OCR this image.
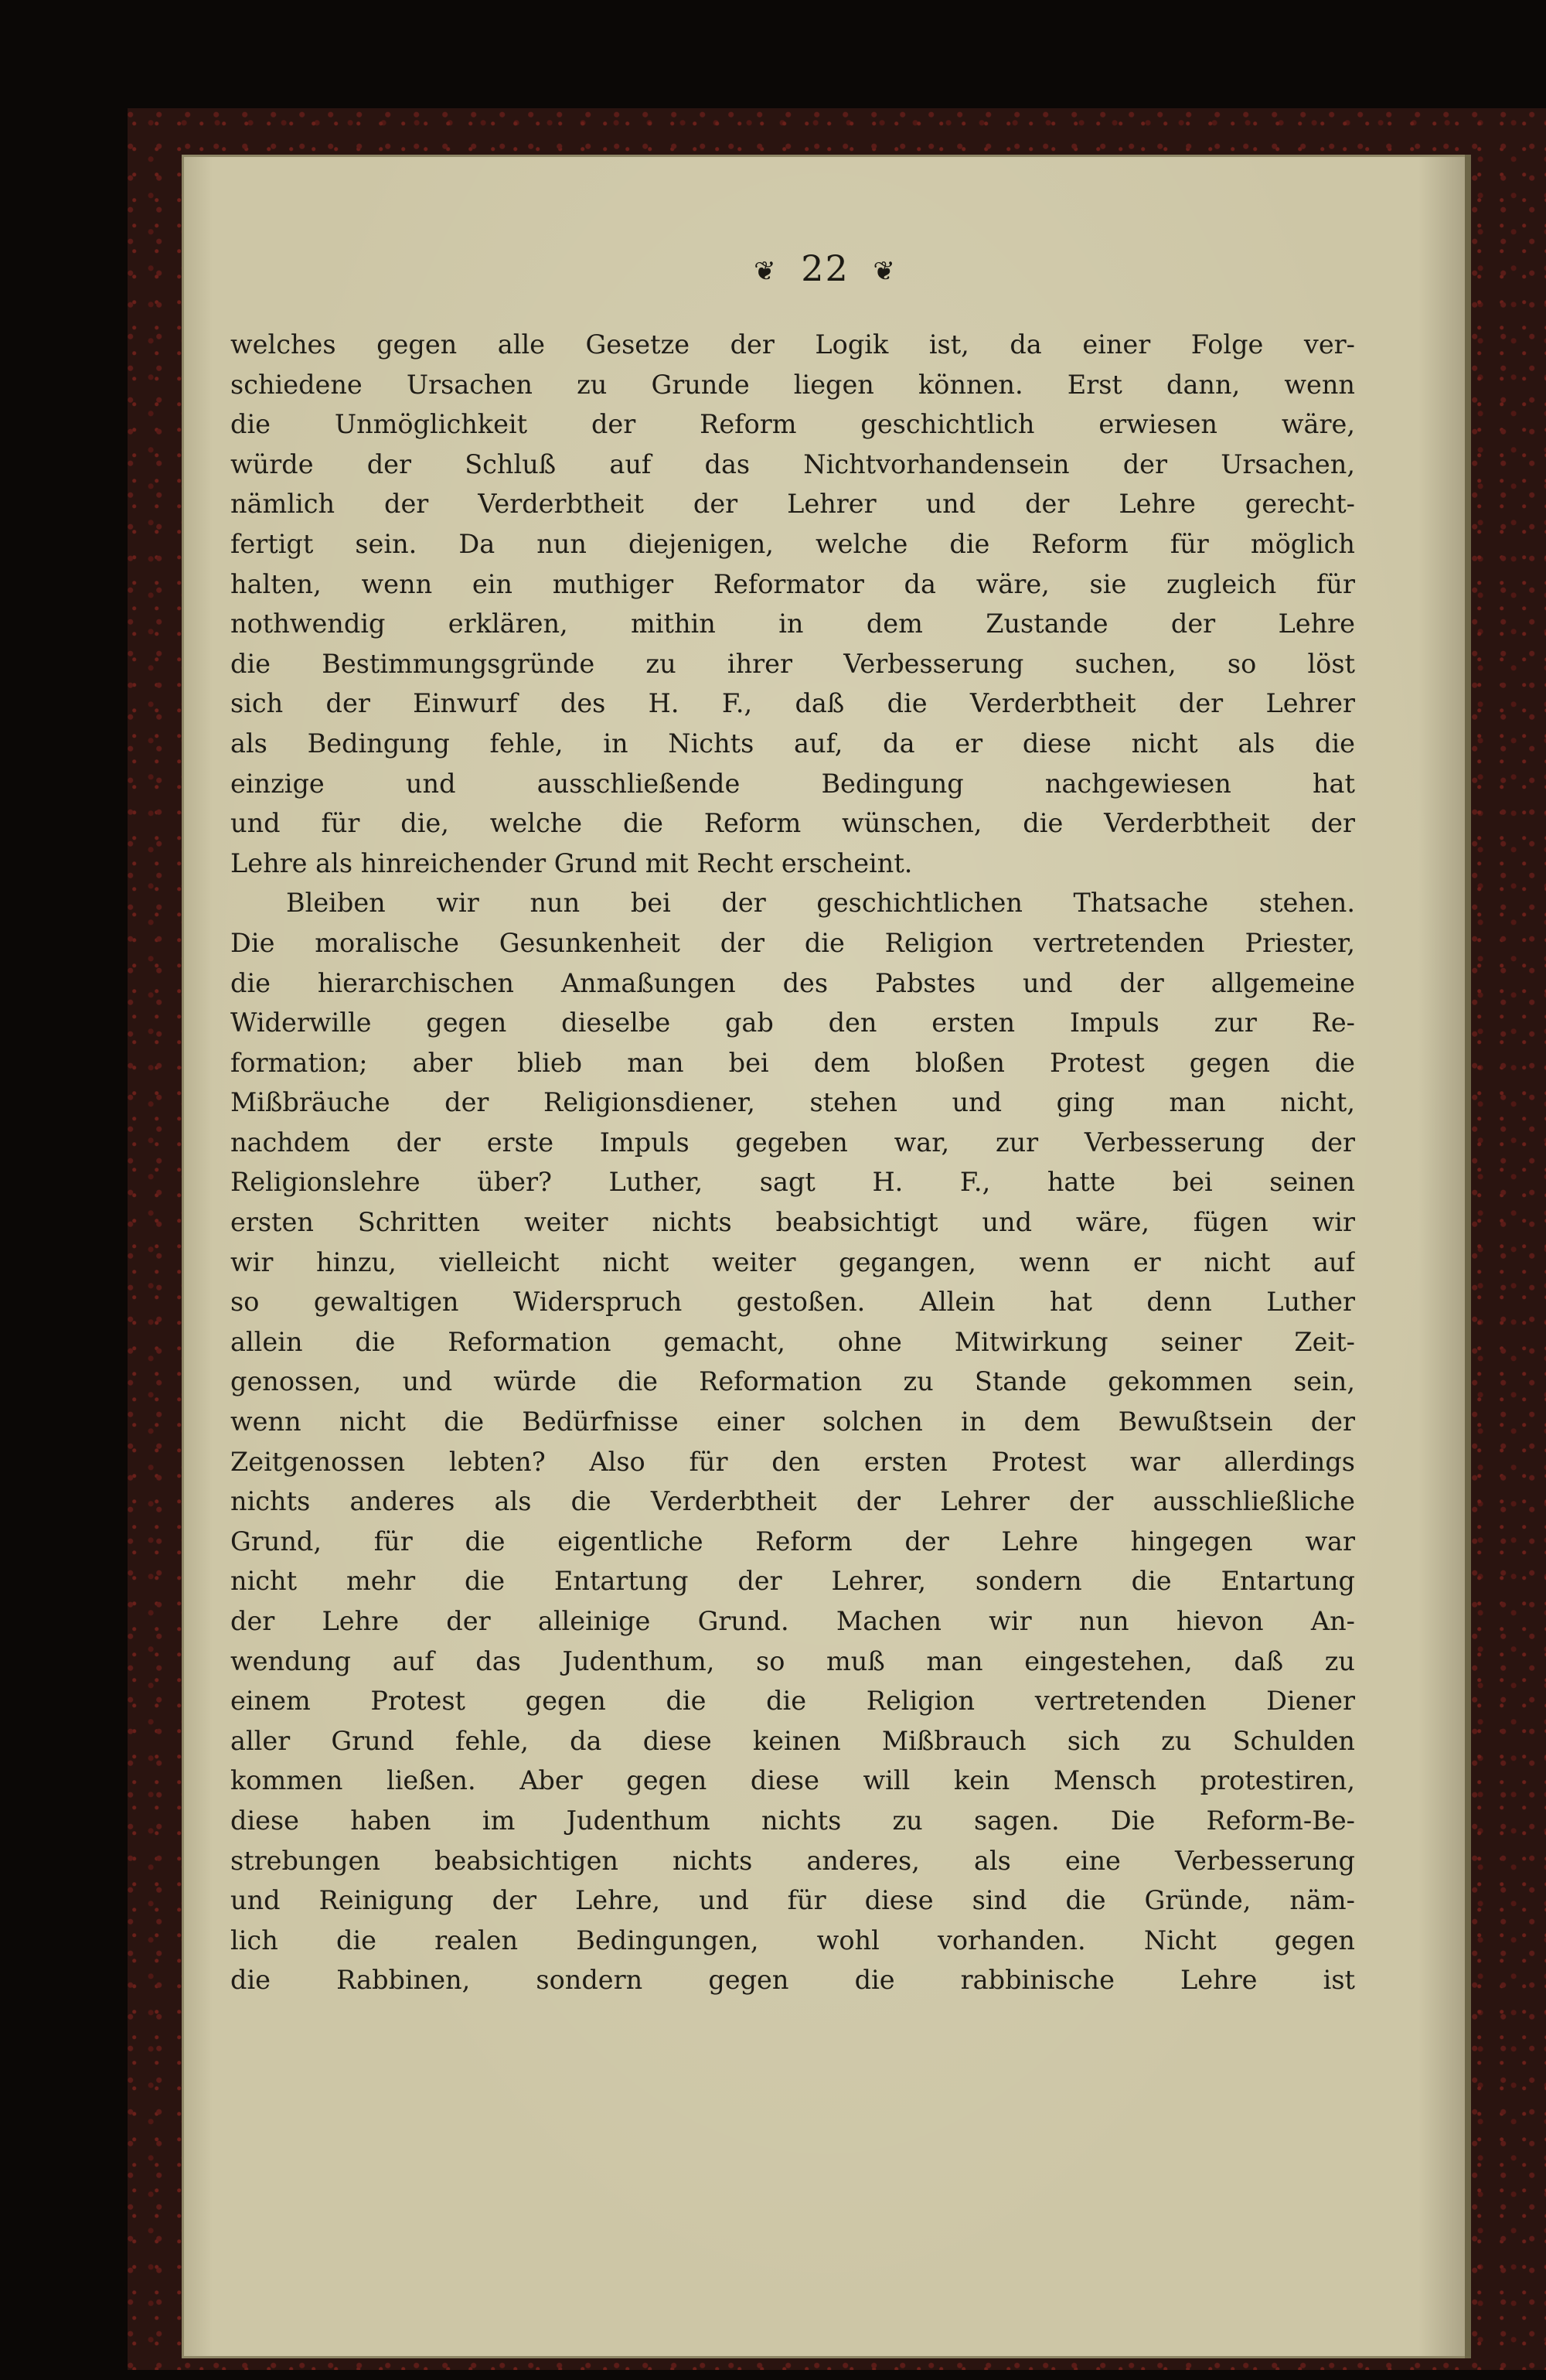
❦ 22 ❦
welches gegen alle Gesetze der Logik ist, da einer Folge ver-
schiedene Ursachen zu Grunde liegen können. Erst dann, wenn
die Unmöglichkeit der Reform geschichtlich erwiesen wäre,
würde der Schluß auf das Nichtvorhandensein der Ursachen,
nämlich der Verderbtheit der Lehrer und der Lehre gerecht-
fertigt sein. Da nun diejenigen, welche die Reform für möglich
halten, wenn ein muthiger Reformator da wäre, sie zugleich für
nothwendig erklären, mithin in dem Zustande der Lehre
die Bestimmungsgründe zu ihrer Verbesserung suchen, so löst
sich der Einwurf des H. F., daß die Verderbtheit der Lehrer
als Bedingung fehle, in Nichts auf, da er diese nicht als die
einzige und ausschließende Bedingung nachgewiesen hat
und für die, welche die Reform wünschen, die Verderbtheit der
Lehre als hinreichender Grund mit Recht erscheint.
Bleiben wir nun bei der geschichtlichen Thatsache stehen.
Die moralische Gesunkenheit der die Religion vertretenden Priester,
die hierarchischen Anmaßungen des Pabstes und der allgemeine
Widerwille gegen dieselbe gab den ersten Impuls zur Re-
formation; aber blieb man bei dem bloßen Protest gegen die
Mißbräuche der Religionsdiener, stehen und ging man nicht,
nachdem der erste Impuls gegeben war, zur Verbesserung der
Religionslehre über? Luther, sagt H. F., hatte bei seinen
ersten Schritten weiter nichts beabsichtigt und wäre, fügen wir
wir hinzu, vielleicht nicht weiter gegangen, wenn er nicht auf
so gewaltigen Widerspruch gestoßen. Allein hat denn Luther
allein die Reformation gemacht, ohne Mitwirkung seiner Zeit-
genossen, und würde die Reformation zu Stande gekommen sein,
wenn nicht die Bedürfnisse einer solchen in dem Bewußtsein der
Zeitgenossen lebten? Also für den ersten Protest war allerdings
nichts anderes als die Verderbtheit der Lehrer der ausschließliche
Grund, für die eigentliche Reform der Lehre hingegen war
nicht mehr die Entartung der Lehrer, sondern die Entartung
der Lehre der alleinige Grund. Machen wir nun hievon An-
wendung auf das Judenthum, so muß man eingestehen, daß zu
einem Protest gegen die die Religion vertretenden Diener
aller Grund fehle, da diese keinen Mißbrauch sich zu Schulden
kommen ließen. Aber gegen diese will kein Mensch protestiren,
diese haben im Judenthum nichts zu sagen. Die Reform-Be-
strebungen beabsichtigen nichts anderes, als eine Verbesserung
und Reinigung der Lehre, und für diese sind die Gründe, näm-
lich die realen Bedingungen, wohl vorhanden. Nicht gegen
die Rabbinen, sondern gegen die rabbinische Lehre ist
